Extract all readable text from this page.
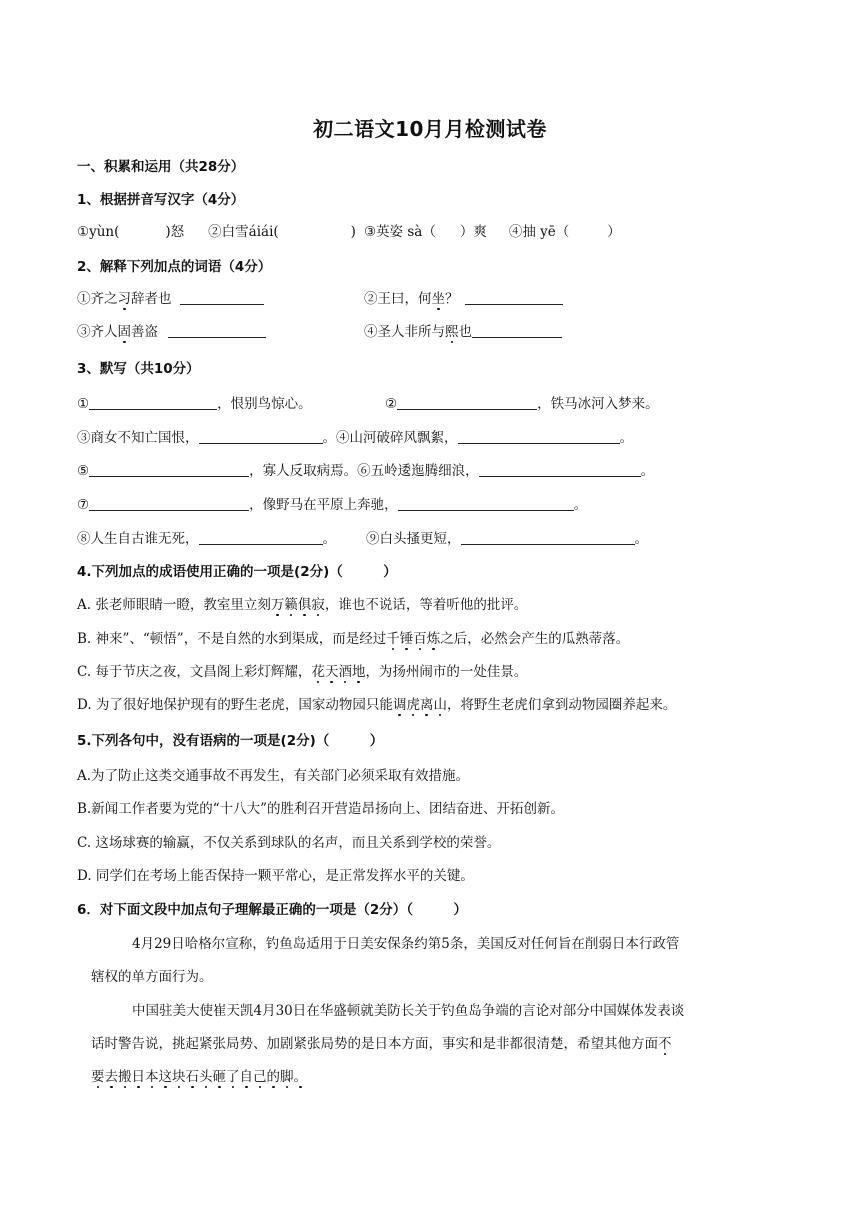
初二语文10月月检测试卷
一、积累和运用（共28分）
1、根据拼音写汉字（4分）
①yùn(	)怒 ②白雪áiái(	) ③英姿 sà（ ）爽 ④抽 yē（	）
2、解释下列加点的词语（4分）
①齐之习辞者也	②王曰，何坐？
③齐人固善盗	④圣人非所与熙也
3、默写（共10分）
①	，恨别鸟惊心。	②	，铁马冰河入梦来。
③商女不知亡国恨，	。④山河破碎风飘絮，	。
⑤	，寡人反取病焉。⑥五岭逶迤腾细浪，	。
⑦	，像野马在平原上奔驰，	。
⑧人生自古谁无死，	。 ⑨白头搔更短，	。
4.下列加点的成语使用正确的一项是(2分)（　　　）
A. 张老师眼睛一瞪，教室里立刻万籁俱寂，谁也不说话，等着听他的批评。
B. 神来”、“顿悟”，不是自然的水到渠成，而是经过千锤百炼之后，必然会产生的瓜熟蒂落。
C. 每于节庆之夜，文昌阁上彩灯辉耀，花天酒地，为扬州闹市的一处佳景。
D. 为了很好地保护现有的野生老虎，国家动物园只能调虎离山，将野生老虎们拿到动物园圈养起来。
5.下列各句中，没有语病的一项是(2分)（　　　）
A.为了防止这类交通事故不再发生，有关部门必须采取有效措施。
B.新闻工作者要为党的“十八大”的胜利召开营造昂扬向上、团结奋进、开拓创新。
C. 这场球赛的输赢，不仅关系到球队的名声，而且关系到学校的荣誉。
D. 同学们在考场上能否保持一颗平常心，是正常发挥水平的关键。
6．对下面文段中加点句子理解最正确的一项是（2分）（　　　）
4月29日哈格尔宣称，钓鱼岛适用于日美安保条约第5条，美国反对任何旨在削弱日本行政管
辖权的单方面行为。
中国驻美大使崔天凯4月30日在华盛顿就美防长关于钓鱼岛争端的言论对部分中国媒体发表谈
话时警告说，挑起紧张局势、加剧紧张局势的是日本方面，事实和是非都很清楚，希望其他方面不
要去搬日本这块石头砸了自己的脚。
